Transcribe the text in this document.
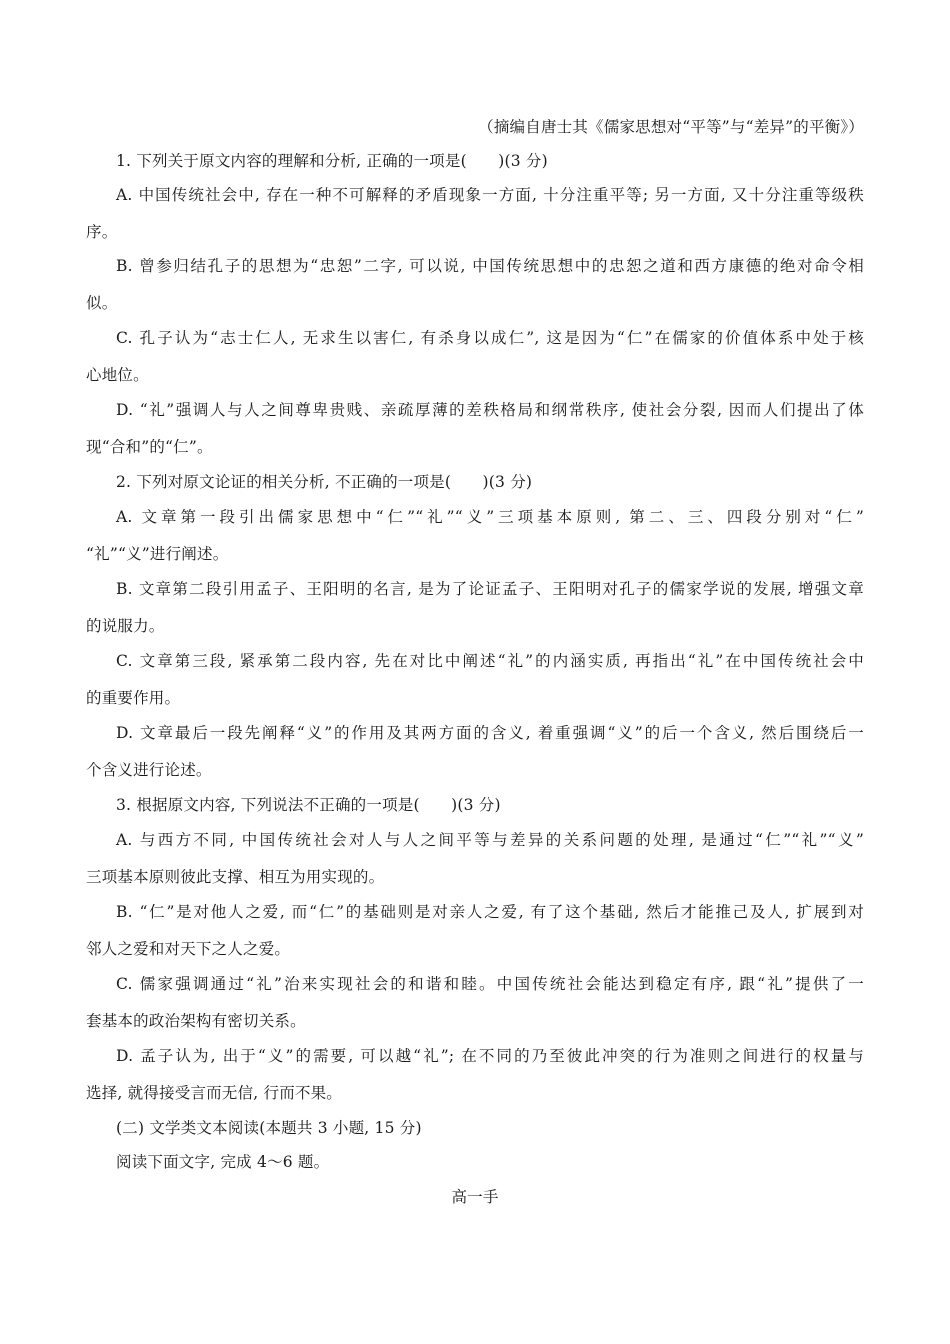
（摘编自唐士其《儒家思想对“平等”与“差异”的平衡》）
1. 下列关于原文内容的理解和分析, 正确的一项是(　　)(3 分)
A. 中国传统社会中, 存在一种不可解释的矛盾现象一方面, 十分注重平等; 另一方面, 又十分注重等级秩
序。
B. 曾参归结孔子的思想为“忠恕”二字, 可以说, 中国传统思想中的忠恕之道和西方康德的绝对命令相
似。
C. 孔子认为“志士仁人, 无求生以害仁, 有杀身以成仁”, 这是因为“仁”在儒家的价值体系中处于核
心地位。
D. “礼”强调人与人之间尊卑贵贱、亲疏厚薄的差秩格局和纲常秩序, 使社会分裂, 因而人们提出了体
现“合和”的“仁”。
2. 下列对原文论证的相关分析, 不正确的一项是(　　)(3 分)
A. 文章第一段引出儒家思想中“仁”“礼”“义”三项基本原则, 第二、三、四段分别对“仁”
“礼”“义”进行阐述。
B. 文章第二段引用孟子、王阳明的名言, 是为了论证孟子、王阳明对孔子的儒家学说的发展, 增强文章
的说服力。
C. 文章第三段, 紧承第二段内容, 先在对比中阐述“礼”的内涵实质, 再指出“礼”在中国传统社会中
的重要作用。
D. 文章最后一段先阐释“义”的作用及其两方面的含义, 着重强调“义”的后一个含义, 然后围绕后一
个含义进行论述。
3. 根据原文内容, 下列说法不正确的一项是(　　)(3 分)
A. 与西方不同, 中国传统社会对人与人之间平等与差异的关系问题的处理, 是通过“仁”“礼”“义”
三项基本原则彼此支撑、相互为用实现的。
B. “仁”是对他人之爱, 而“仁”的基础则是对亲人之爱, 有了这个基础, 然后才能推己及人, 扩展到对
邻人之爱和对天下之人之爱。
C. 儒家强调通过“礼”治来实现社会的和谐和睦。中国传统社会能达到稳定有序, 跟“礼”提供了一
套基本的政治架构有密切关系。
D. 孟子认为, 出于“义”的需要, 可以越“礼”; 在不同的乃至彼此冲突的行为准则之间进行的权量与
选择, 就得接受言而无信, 行而不果。
(二) 文学类文本阅读(本题共 3 小题, 15 分)
阅读下面文字, 完成 4～6 题。
高一手
